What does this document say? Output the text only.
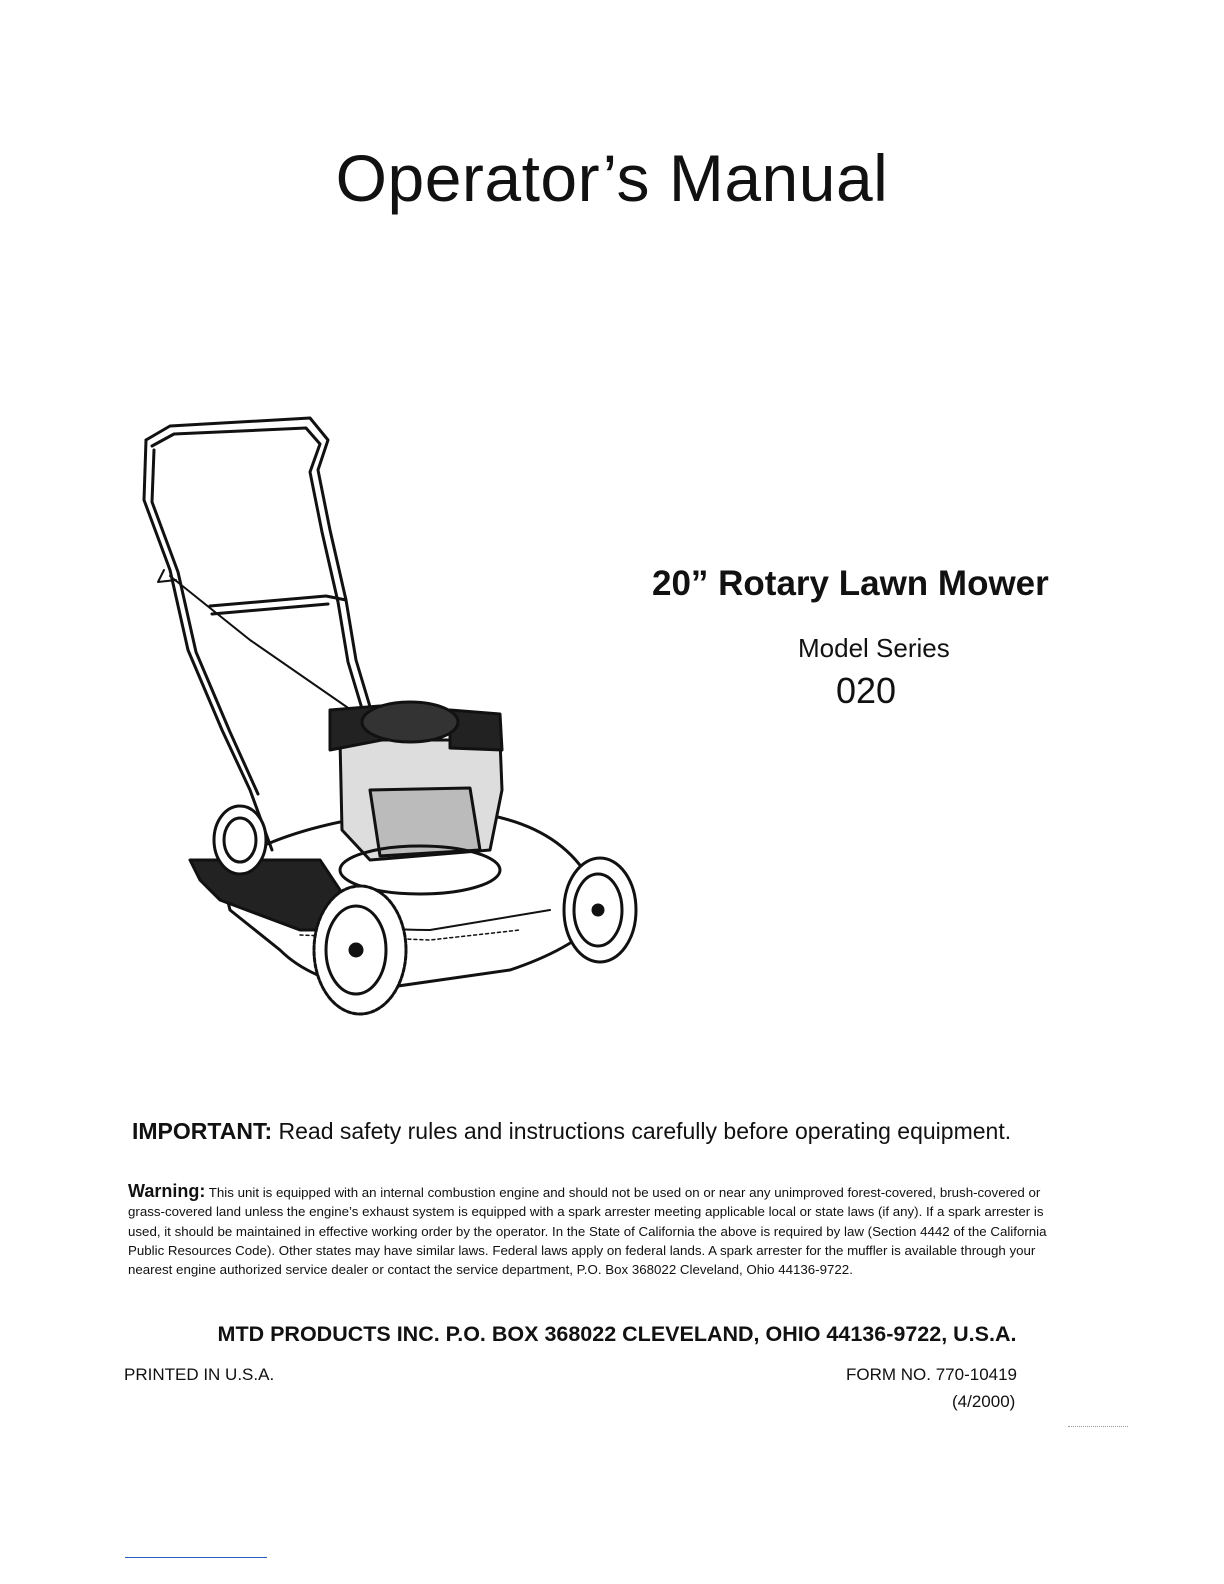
Operator’s Manual
20” Rotary Lawn Mower
Model Series
020
IMPORTANT: Read safety rules and instructions carefully before operating equipment.
Warning: This unit is equipped with an internal combustion engine and should not be used on or near any unimproved forest-covered, brush-covered or grass-covered land unless the engine’s exhaust system is equipped with a spark arrester meeting applicable local or state laws (if any). If a spark arrester is used, it should be maintained in effective working order by the operator. In the State of California the above is required by law (Section 4442 of the California Public Resources Code). Other states may have similar laws. Federal laws apply on federal lands. A spark arrester for the muffler is available through your nearest engine authorized service dealer or contact the service department, P.O. Box 368022 Cleveland, Ohio 44136-9722.
MTD PRODUCTS INC. P.O. BOX 368022 CLEVELAND, OHIO 44136-9722, U.S.A.
PRINTED IN U.S.A.	FORM NO. 770-10419
(4/2000)
